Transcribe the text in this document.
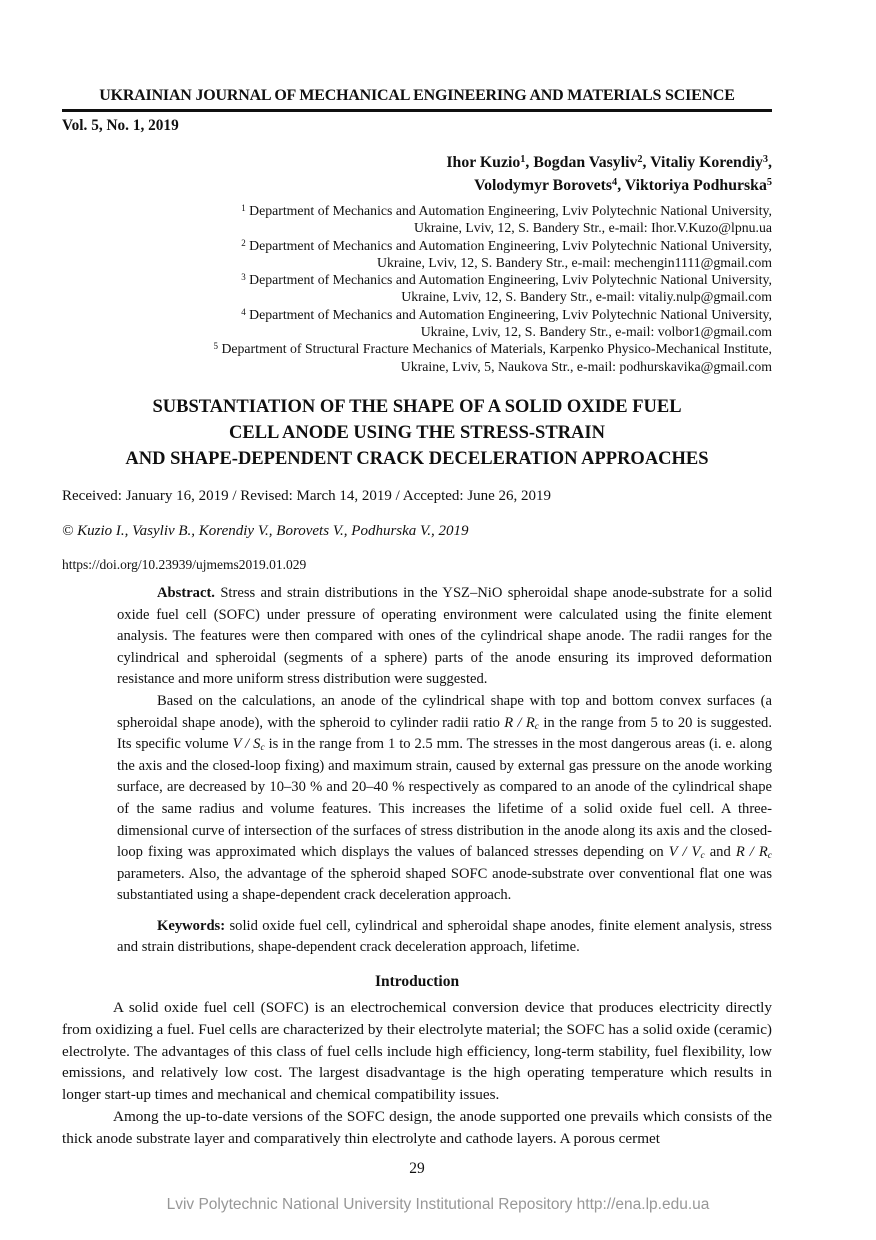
UKRAINIAN JOURNAL OF MECHANICAL ENGINEERING AND MATERIALS SCIENCE
Vol. 5, No. 1, 2019
Ihor Kuzio$^1$, Bogdan Vasyliv$^2$, Vitaliy Korendiy$^3$,
Volodymyr Borovets$^4$, Viktoriya Podhurska$^5$
$^1$ Department of Mechanics and Automation Engineering, Lviv Polytechnic National University,
Ukraine, Lviv, 12, S. Bandery Str., e-mail: Ihor.V.Kuzo@lpnu.ua
$^2$ Department of Mechanics and Automation Engineering, Lviv Polytechnic National University,
Ukraine, Lviv, 12, S. Bandery Str., e-mail: mechengin1111@gmail.com
$^3$ Department of Mechanics and Automation Engineering, Lviv Polytechnic National University,
Ukraine, Lviv, 12, S. Bandery Str., e-mail: vitaliy.nulp@gmail.com
$^4$ Department of Mechanics and Automation Engineering, Lviv Polytechnic National University,
Ukraine, Lviv, 12, S. Bandery Str., e-mail: volbor1@gmail.com
$^5$ Department of Structural Fracture Mechanics of Materials, Karpenko Physico-Mechanical Institute,
Ukraine, Lviv, 5, Naukova Str., e-mail: podhurskavika@gmail.com
SUBSTANTIATION OF THE SHAPE OF A SOLID OXIDE FUEL
CELL ANODE USING THE STRESS-STRAIN
AND SHAPE-DEPENDENT CRACK DECELERATION APPROACHES
Received: January 16, 2019 / Revised: March 14, 2019 / Accepted: June 26, 2019
© Kuzio I., Vasyliv B., Korendiy V., Borovets V., Podhurska V., 2019
https://doi.org/10.23939/ujmems2019.01.029

Abstract. Stress and strain distributions in the YSZ–NiO spheroidal shape anode-substrate for a solid oxide fuel cell (SOFC) under pressure of operating environment were calculated using the finite element analysis. The features were then compared with ones of the cylindrical shape anode. The radii ranges for the cylindrical and spheroidal (segments of a sphere) parts of the anode ensuring its improved deformation resistance and more uniform stress distribution were suggested.

Based on the calculations, an anode of the cylindrical shape with top and bottom convex surfaces (a spheroidal shape anode), with the spheroid to cylinder radii ratio R / $R_c$ in the range from 5 to 20 is suggested. Its specific volume V / $S_c$ is in the range from 1 to 2.5 mm. The stresses in the most dangerous areas (i. e. along the axis and the closed-loop fixing) and maximum strain, caused by external gas pressure on the anode working surface, are decreased by 10–30 % and 20–40 % respectively as compared to an anode of the cylindrical shape of the same radius and volume features. This increases the lifetime of a solid oxide fuel cell. A three-dimensional curve of intersection of the surfaces of stress distribution in the anode along its axis and the closed-loop fixing was approximated which displays the values of balanced stresses depending on V / $V_c$ and R / $R_c$ parameters. Also, the advantage of the spheroid shaped SOFC anode-substrate over conventional flat one was substantiated using a shape-dependent crack deceleration approach.

Keywords: solid oxide fuel cell, cylindrical and spheroidal shape anodes, finite element analysis, stress and strain distributions, shape-dependent crack deceleration approach, lifetime.

Introduction

A solid oxide fuel cell (SOFC) is an electrochemical conversion device that produces electricity directly from oxidizing a fuel. Fuel cells are characterized by their electrolyte material; the SOFC has a solid oxide (ceramic) electrolyte. The advantages of this class of fuel cells include high efficiency, long-term stability, fuel flexibility, low emissions, and relatively low cost. The largest disadvantage is the high operating temperature which results in longer start-up times and mechanical and chemical compatibility issues.

Among the up-to-date versions of the SOFC design, the anode supported one prevails which consists of the thick anode substrate layer and comparatively thin electrolyte and cathode layers. A porous cermet

29
Lviv Polytechnic National University Institutional Repository http://ena.lp.edu.ua
